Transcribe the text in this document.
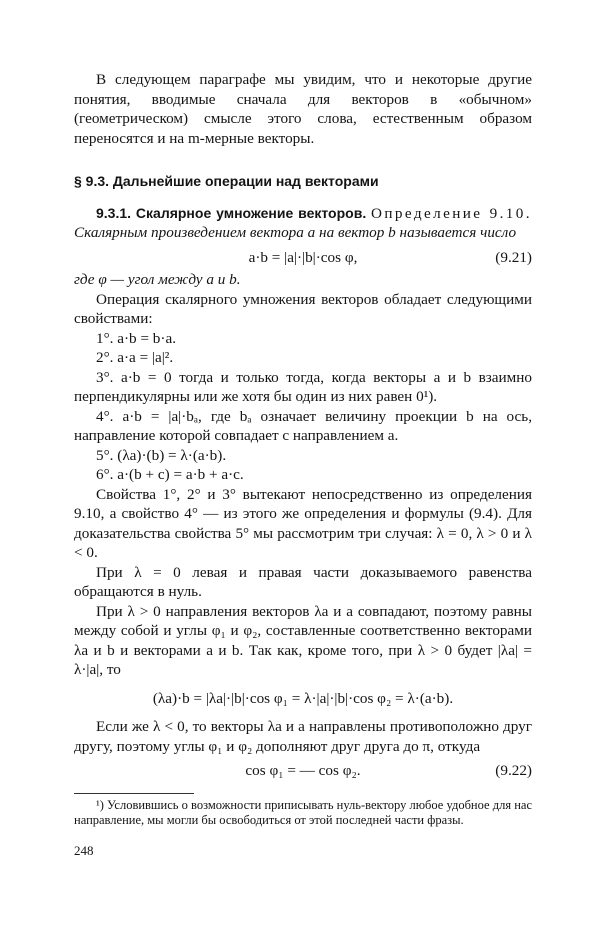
В следующем параграфе мы увидим, что и некоторые другие понятия, вводимые сначала для векторов в «обычном» (геометрическом) смысле этого слова, естественным образом переносятся и на m-мерные векторы.

§ 9.3. Дальнейшие операции над векторами

9.3.1. Скалярное умножение векторов. Определение 9.10. Скалярным произведением вектора a на вектор b называется число

a·b = |a|·|b|·cos φ,	(9.21)

где φ — угол между a и b.

Операция скалярного умножения векторов обладает следующими свойствами:

1°. a·b = b·a.

2°. a·a = |a|².

3°. a·b = 0 тогда и только тогда, когда векторы a и b взаимно перпендикулярны или же хотя бы один из них равен 0¹).

4°. a·b = |a|·bₐ, где bₐ означает величину проекции b на ось, направление которой совпадает с направлением a.

5°. (λa)·(b) = λ·(a·b).

6°. a·(b + c) = a·b + a·c.

Свойства 1°, 2° и 3° вытекают непосредственно из определения 9.10, а свойство 4° — из этого же определения и формулы (9.4). Для доказательства свойства 5° мы рассмотрим три случая: λ = 0, λ > 0 и λ < 0.

При λ = 0 левая и правая части доказываемого равенства обращаются в нуль.

При λ > 0 направления векторов λa и a совпадают, поэтому равны между собой и углы φ₁ и φ₂, составленные соответственно векторами λa и b и векторами a и b. Так как, кроме того, при λ > 0 будет |λa| = λ·|a|, то

(λa)·b = |λa|·|b|·cos φ₁ = λ·|a|·|b|·cos φ₂ = λ·(a·b).

Если же λ < 0, то векторы λa и a направлены противоположно друг другу, поэтому углы φ₁ и φ₂ дополняют друг друга до π, откуда

cos φ₁ = — cos φ₂.	(9.22)

¹) Условившись о возможности приписывать нуль-вектору любое удобное для нас направление, мы могли бы освободиться от этой последней части фразы.

248
